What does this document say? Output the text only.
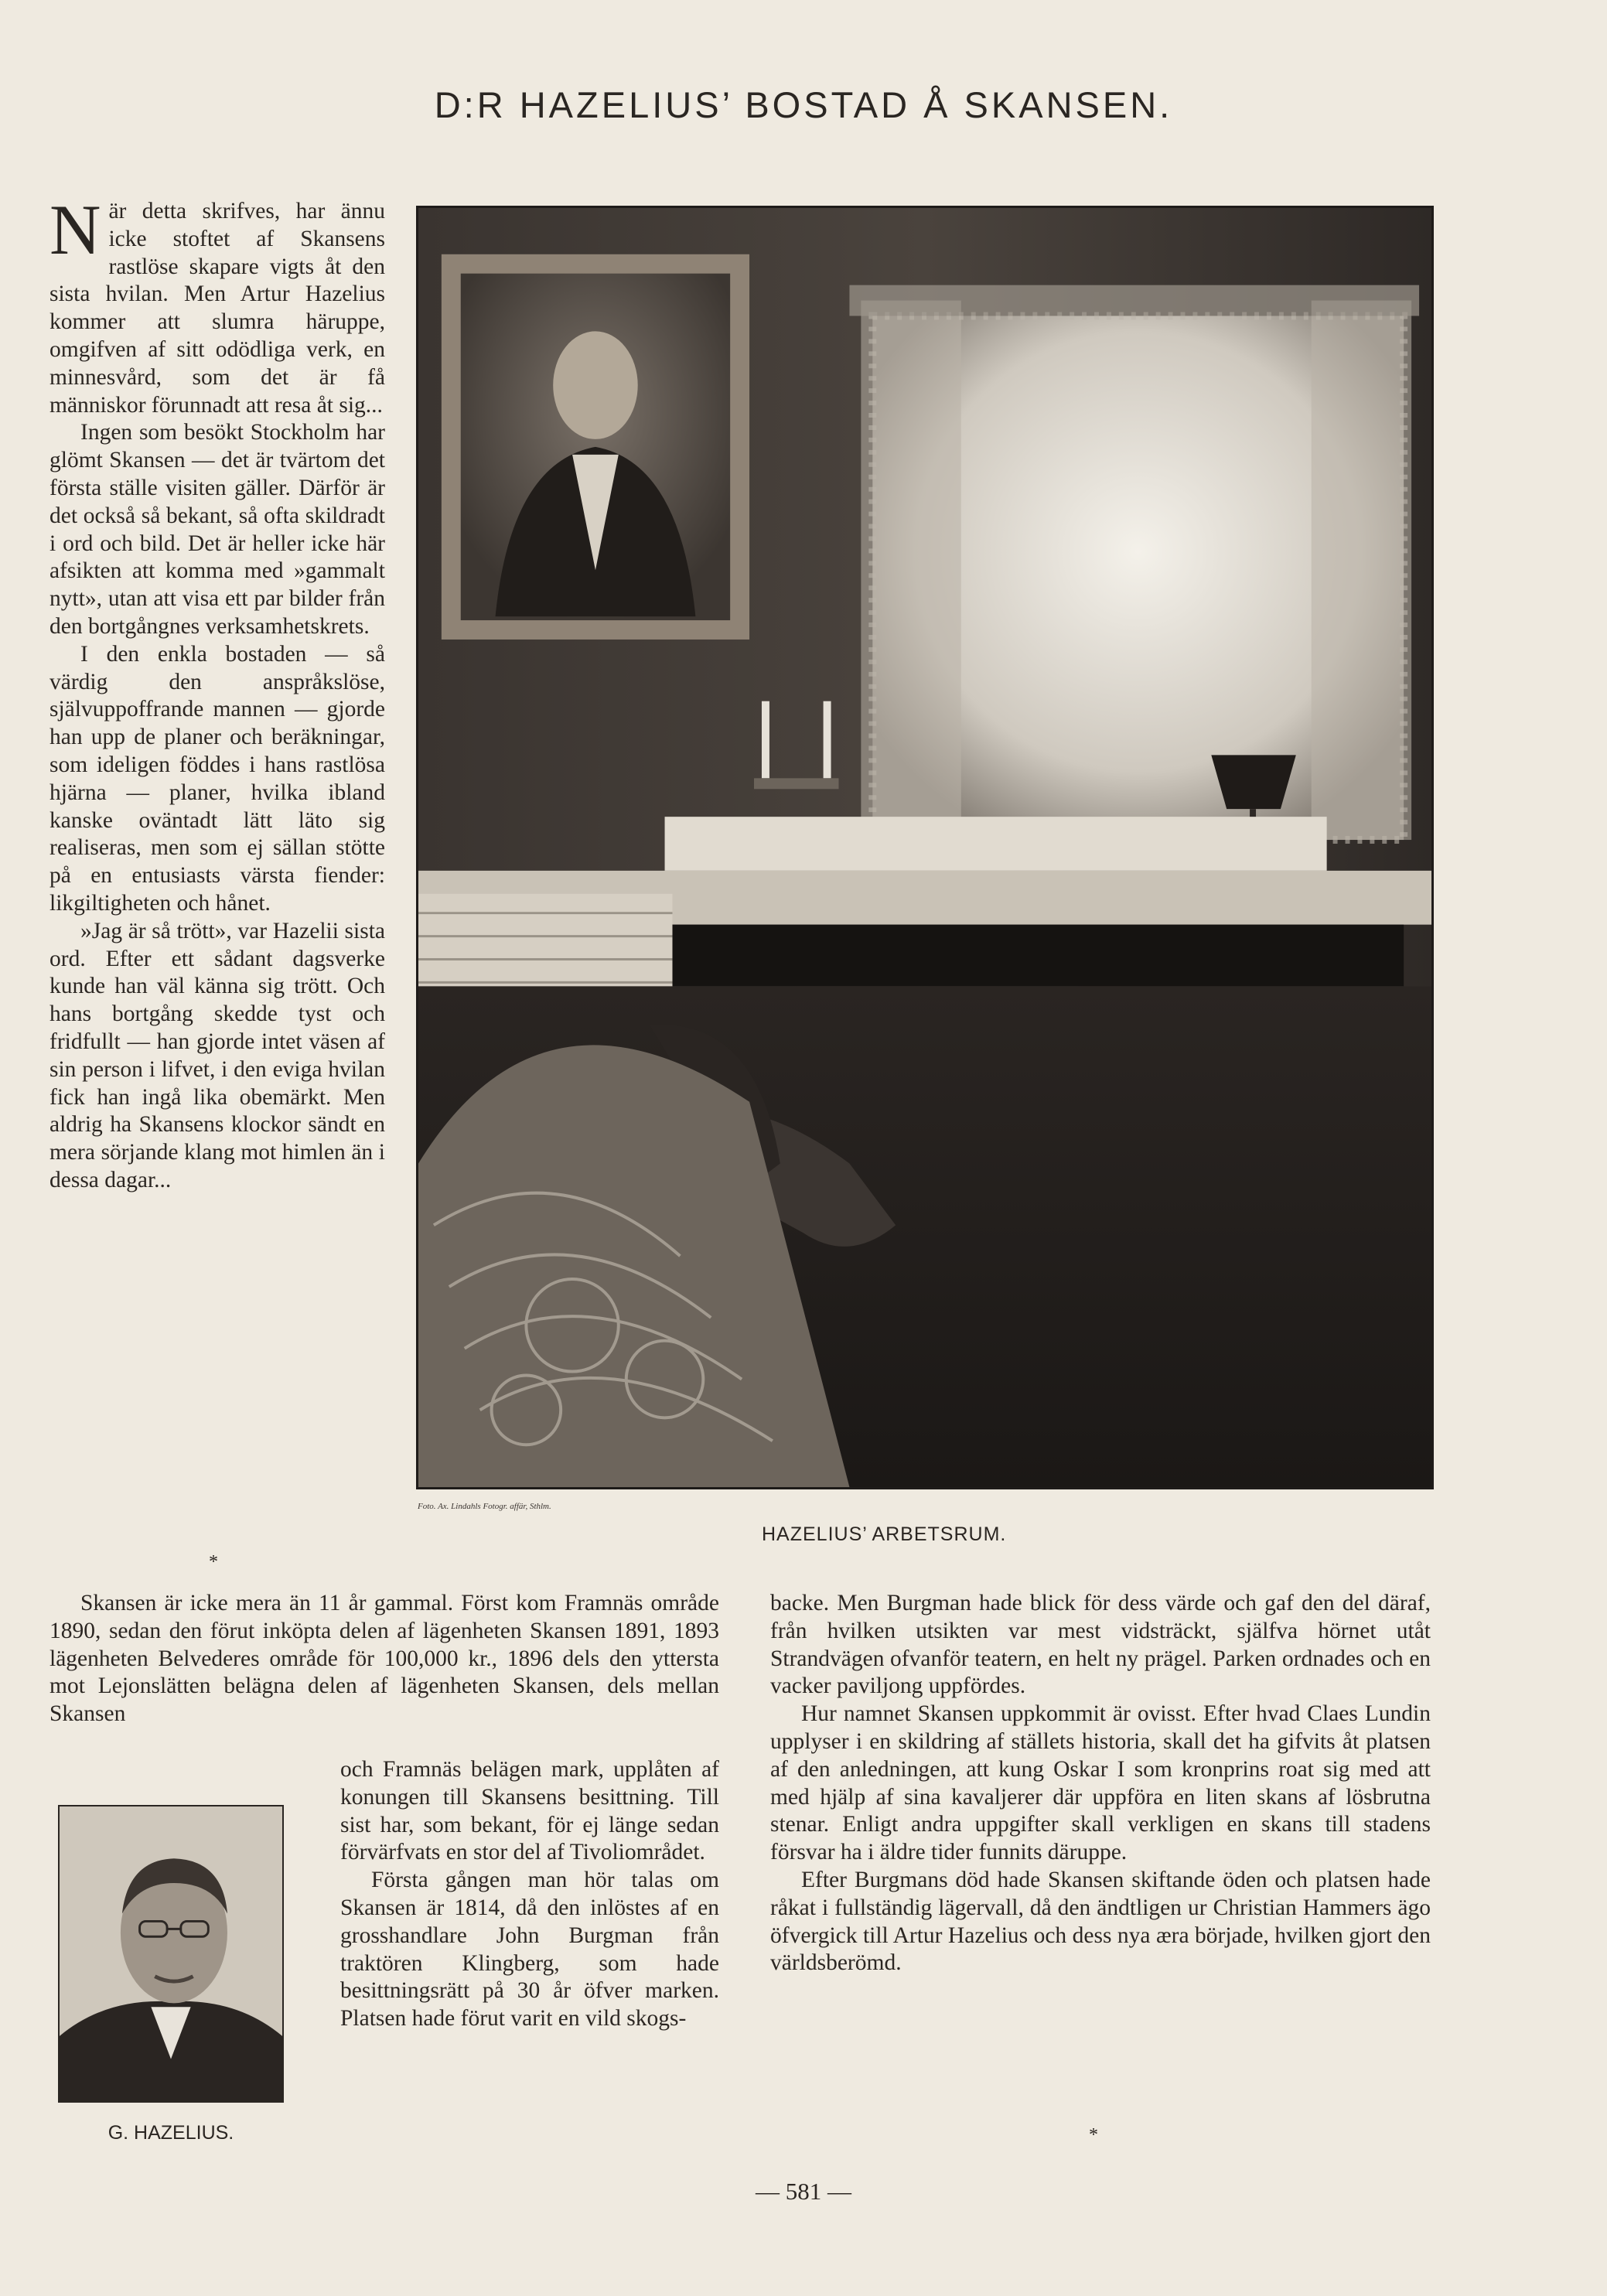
D:R HAZELIUS’ BOSTAD Å SKANSEN.

När detta skrifves, har ännu icke stoftet af Skansens rastlöse skapare vigts åt den sista hvilan. Men Artur Hazelius kommer att slumra häruppe, omgifven af sitt odödliga verk, en minnesvård, som det är få människor förunnadt att resa åt sig...

Ingen som besökt Stockholm har glömt Skansen — det är tvärtom det första ställe visiten gäller. Därför är det också så bekant, så ofta skildradt i ord och bild. Det är heller icke här afsikten att komma med »gammalt nytt», utan att visa ett par bilder från den bortgångnes verksamhetskrets.

I den enkla bostaden — så värdig den anspråkslöse, självuppoffrande mannen — gjorde han upp de planer och beräkningar, som ideligen föddes i hans rastlösa hjärna — planer, hvilka ibland kanske oväntadt lätt läto sig realiseras, men som ej sällan stötte på en entusiasts värsta fiender: likgiltigheten och hånet.

»Jag är så trött», var Hazelii sista ord. Efter ett sådant dagsverke kunde han väl känna sig trött. Och hans bortgång skedde tyst och fridfullt — han gjorde intet väsen af sin person i lifvet, i den eviga hvilan fick han ingå lika obemärkt. Men aldrig ha Skansens klockor sändt en mera sörjande klang mot himlen än i dessa dagar...

*
Foto. Ax. Lindahls Fotogr. affär, Sthlm.
HAZELIUS’ ARBETSRUM.

Skansen är icke mera än 11 år gammal. Först kom Framnäs område 1890, sedan den förut inköpta delen af lägenheten Skansen 1891, 1893 lägenheten Belvederes område för 100,000 kr., 1896 dels den yttersta mot Lejonslätten belägna delen af lägenheten Skansen, dels mellan Skansen

och Framnäs belägen mark, upplåten af konungen till Skansens besittning. Till sist har, som bekant, för ej länge sedan förvärfvats en stor del af Tivoliområdet.

Första gången man hör talas om Skansen är 1814, då den inlöstes af en grosshandlare John Burgman från traktören Klingberg, som hade besittningsrätt på 30 år öfver marken. Platsen hade förut varit en vild skogs-

G. HAZELIUS.

backe. Men Burgman hade blick för dess värde och gaf den del däraf, från hvilken utsikten var mest vidsträckt, själfva hörnet utåt Strandvägen ofvanför teatern, en helt ny prägel. Parken ordnades och en vacker paviljong uppfördes.

Hur namnet Skansen uppkommit är ovisst. Efter hvad Claes Lundin upplyser i en skildring af ställets historia, skall det ha gifvits åt platsen af den anledningen, att kung Oskar I som kronprins roat sig med att med hjälp af sina kavaljerer där uppföra en liten skans af lösbrutna stenar. Enligt andra uppgifter skall verkligen en skans till stadens försvar ha i äldre tider funnits däruppe.

Efter Burgmans död hade Skansen skiftande öden och platsen hade råkat i fullständig lägervall, då den ändtligen ur Christian Hammers ägo öfvergick till Artur Hazelius och dess nya æra började, hvilken gjort den världsberömd.

*
— 581 —
